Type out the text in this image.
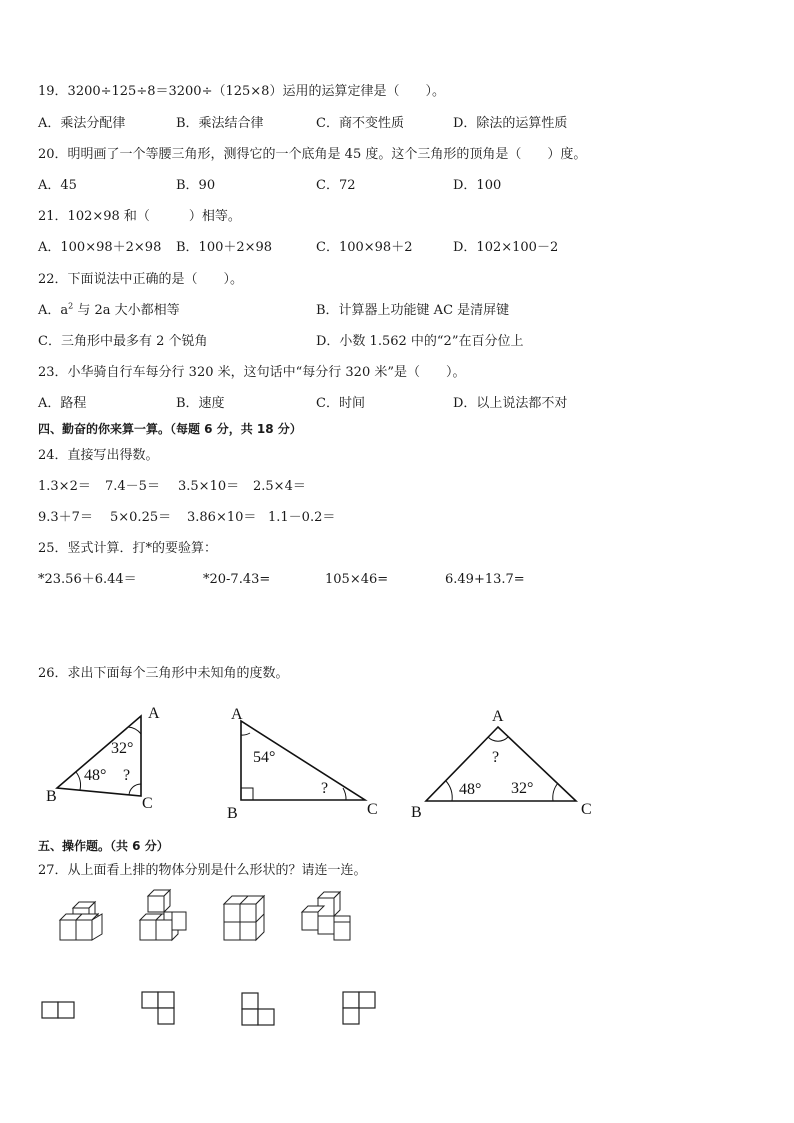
19．3200÷125÷8＝3200÷（125×8）运用的运算定律是（　　）。
A．乘法分配律	B．乘法结合律	C．商不变性质	D．除法的运算性质
20．明明画了一个等腰三角形，测得它的一个底角是 45 度。这个三角形的顶角是（　　）度。
A．45	B．90	C．72	D．100
21．102×98 和（　　　）相等。
A．100×98＋2×98 B．100＋2×98	C．100×98＋2	D．102×100－2
22．下面说法中正确的是（　　）。
A．$a^2$ 与 2a 大小都相等	B．计算器上功能键 AC 是清屏键
C．三角形中最多有 2 个锐角	D．小数 1.562 中的“2”在百分位上
23．小华骑自行车每分行 320 米，这句话中“每分行 320 米”是（　　）。
A．路程	B．速度	C．时间	D．以上说法都不对
四、勤奋的你来算一算。（每题 6 分，共 18 分）
24．直接写出得数。
1.3×2＝ 7.4－5＝ 3.5×10＝ 2.5×4＝
9.3＋7＝ 5×0.25＝ 3.86×10＝ 1.1－0.2＝
25．竖式计算．打*的要验算：
*23.56＋6.44＝	*20-7.43=	105×46=	6.49+13.7=
26．求出下面每个三角形中未知角的度数。
A
B	C
32°
48° ?
A
B	C
54°
?
A
B	C
?
48° 32°
五、操作题。（共 6 分）
27．从上面看上排的物体分别是什么形状的？请连一连。
